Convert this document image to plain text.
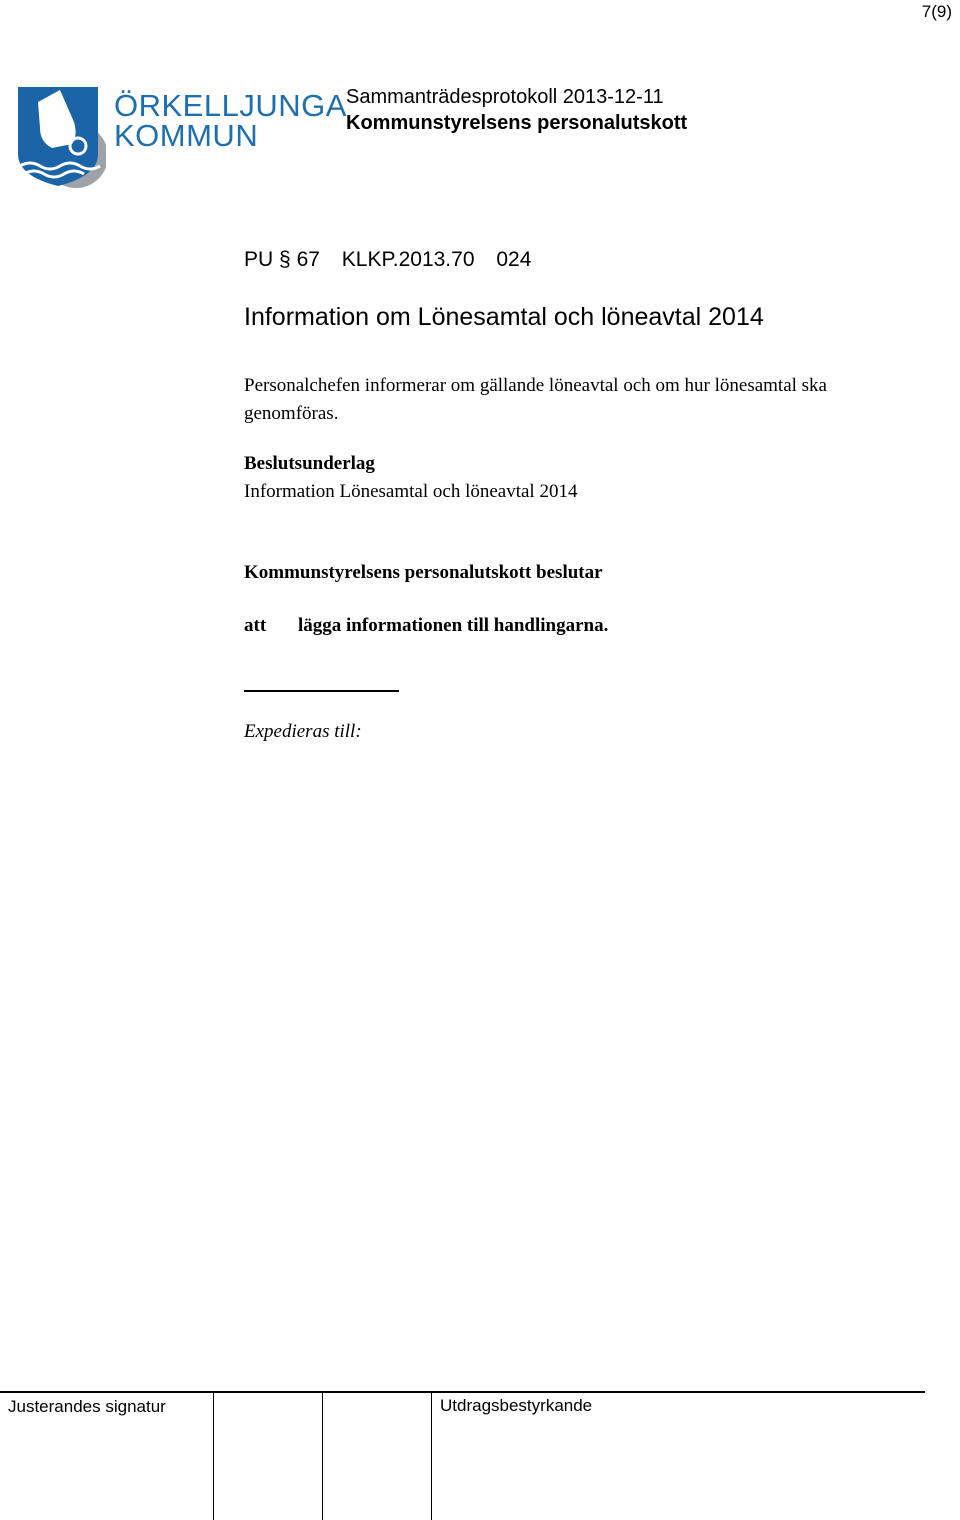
7(9)
ÖRKELLJUNGA
KOMMUN
Sammanträdesprotokoll 2013-12-11
Kommunstyrelsens personalutskott
PU § 67 KLKP.2013.70 024
Information om Lönesamtal och löneavtal 2014
Personalchefen informerar om gällande löneavtal och om hur lönesamtal ska genomföras.
Beslutsunderlag
Information Lönesamtal och löneavtal 2014
Kommunstyrelsens personalutskott beslutar
att lägga informationen till handlingarna.
Expedieras till:
Justerandes signatur	Utdragsbestyrkande
